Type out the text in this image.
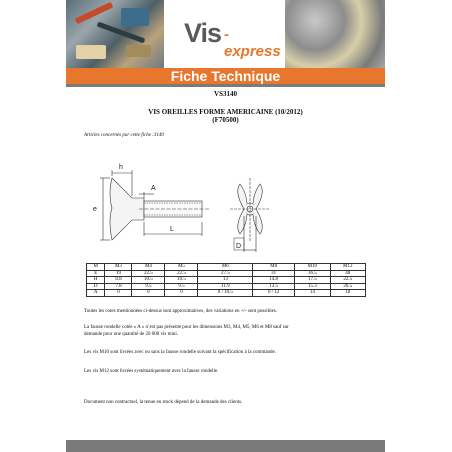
Vis -express
Fiche Technique
VS3140
VIS OREILLES FORME AMERICAINE (10/2012)
(F70500)
Articles concernés par cette fiche :3140
h
e
A
L
D
M	M3	M4	M5	M6	M8	M10	M12
E	19	22.5	22.5	27.5	31	36.5	48
H	8.8	10.5	10.5	13	14.8	17.5	22.5
D	7.8	9.5	9.5	11.9	13.5	15.3	20.5
A	0	0	0	0 / 10.5	0 / 12	14	18

Toutes les cotes mentionnées ci-dessus sont approximatives, des variations en +/- sont possibles.

La fausse rondelle cotée « A » n’est pas présente pour les dimensions M3, M4, M5, M6 et M8 sauf sur

demande pour une quantité de 20 000 vis mini.

Les vis M10 sont livrées avec ou sans la fausse rondelle suivant la spécification à la commande.

Les vis M12 sont livrées systématiquement avec la fausse rondelle.

Document non contractuel, la tenue en stock dépend de la demande des clients.
